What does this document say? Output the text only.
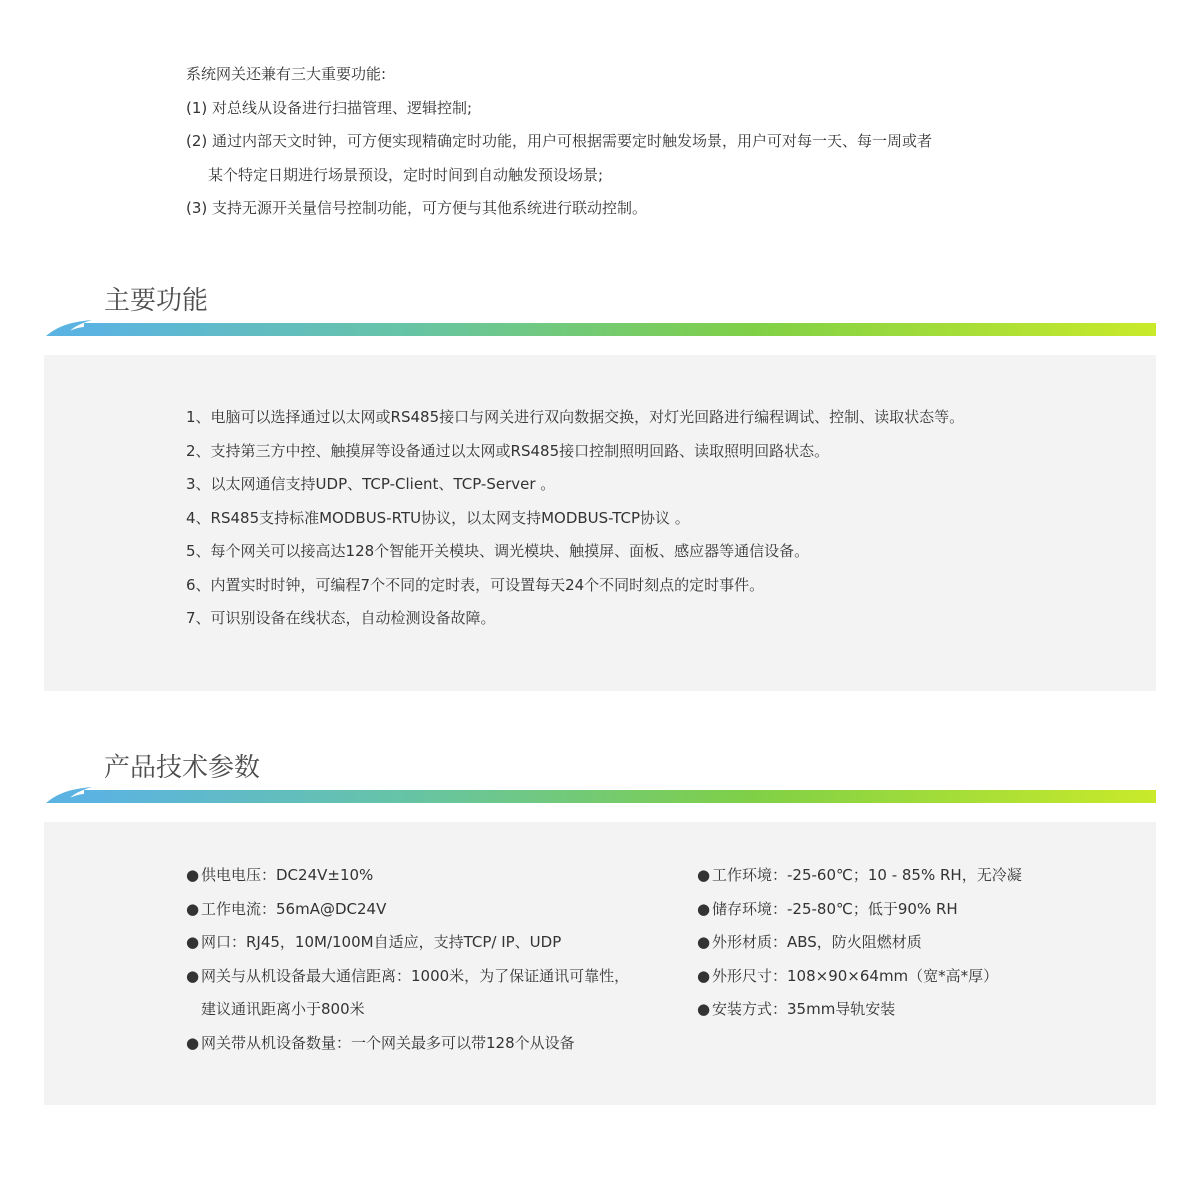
系统网关还兼有三大重要功能:
(1) 对总线从设备进行扫描管理、逻辑控制;
(2) 通过内部天文时钟，可方便实现精确定时功能，用户可根据需要定时触发场景，用户可对每一天、每一周或者
某个特定日期进行场景预设，定时时间到自动触发预设场景;
(3) 支持无源开关量信号控制功能，可方便与其他系统进行联动控制。
主要功能
1、电脑可以选择通过以太网或RS485接口与网关进行双向数据交换，对灯光回路进行编程调试、控制、读取状态等。
2、支持第三方中控、触摸屏等设备通过以太网或RS485接口控制照明回路、读取照明回路状态。
3、以太网通信支持UDP、TCP-Client、TCP-Server 。
4、RS485支持标准MODBUS-RTU协议，以太网支持MODBUS-TCP协议 。
5、每个网关可以接高达128个智能开关模块、调光模块、触摸屏、面板、感应器等通信设备。
6、内置实时时钟，可编程7个不同的定时表，可设置每天24个不同时刻点的定时事件。
7、可识别设备在线状态，自动检测设备故障。
产品技术参数
● 供电电压：DC24V±10%
● 工作电流：56mA@DC24V
● 网口：RJ45，10M/100M自适应，支持TCP/ IP、UDP
● 网关与从机设备最大通信距离：1000米，为了保证通讯可靠性，建议通讯距离小于800米
● 网关带从机设备数量：一个网关最多可以带128个从设备
● 工作环境：-25-60℃；10 - 85% RH，无冷凝
● 储存环境：-25-80℃；低于90% RH
● 外形材质：ABS，防火阻燃材质
● 外形尺寸：108×90×64mm（宽*高*厚）
● 安装方式：35mm导轨安装
